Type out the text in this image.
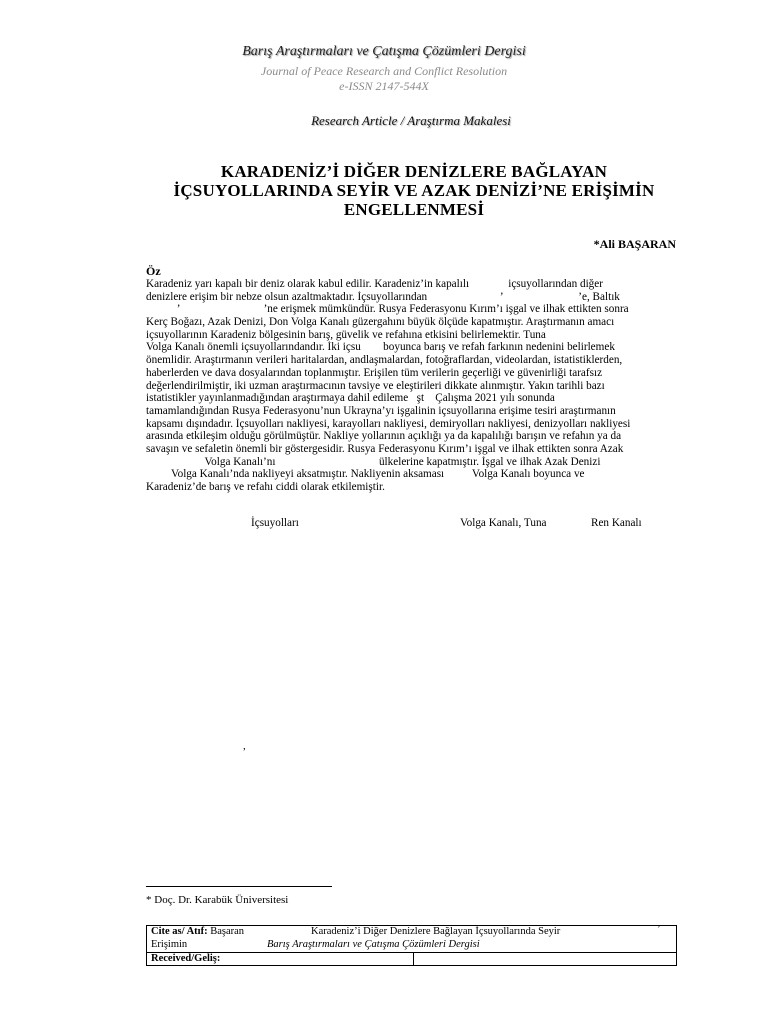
Barış Araştırmaları ve Çatışma Çözümleri Dergisi
Journal of Peace Research and Conflict Resolution
e-ISSN 2147-544X
Research Article / Araştırma Makalesi
KARADENİZ’İ DİĞER DENİZLERE BAĞLAYAN
İÇSUYOLLARINDA SEYİR VE AZAK DENİZİ’NE ERİŞİMİN
ENGELLENMESİ
*Ali BAŞARAN
Öz
Karadeniz yarı kapalı bir deniz olarak kabul edilir. Karadeniz’in kapalılı              içsuyollarından diğer
denizlere erişim bir nebze olsun azaltmaktadır. İçsuyollarından                          ’                           ’e, Baltık
’                              ’ne erişmek mümkündür. Rusya Federasyonu Kırım’ı işgal ve ilhak ettikten sonra
Kerç Boğazı, Azak Denizi, Don Volga Kanalı güzergahını büyük ölçüde kapatmıştır. Araştırmanın amacı
içsuyollarının Karadeniz bölgesinin barış, güvelik ve refahına etkisini belirlemektir. Tuna
Volga Kanalı önemli içsuyollarındandır. İki içsu        boyunca barış ve refah farkının nedenini belirlemek
önemlidir. Araştırmanın verileri haritalardan, andlaşmalardan, fotoğraflardan, videolardan, istatistiklerden,
haberlerden ve dava dosyalarından toplanmıştır. Erişilen tüm verilerin geçerliği ve güvenirliği tarafsız
değerlendirilmiştir, iki uzman araştırmacının tavsiye ve eleştirileri dikkate alınmıştır. Yakın tarihli bazı
istatistikler yayınlanmadığından araştırmaya dahil edileme   şt    Çalışma 2021 yılı sonunda
tamamlandığından Rusya Federasyonu’nun Ukrayna’yı işgalinin içsuyollarına erişime tesiri araştırmanın
kapsamı dışındadır. İçsuyolları nakliyesi, karayolları nakliyesi, demiryolları nakliyesi, denizyolları nakliyesi
arasında etkileşim olduğu görülmüştür. Nakliye yollarının açıklığı ya da kapalılığı barışın ve refahın ya da
savaşın ve sefaletin önemli bir göstergesidir. Rusya Federasyonu Kırım’ı işgal ve ilhak ettikten sonra Azak
Volga Kanalı’nı                                     ülkelerine kapatmıştır. İşgal ve ilhak Azak Denizi
Volga Kanalı’nda nakliyeyi aksatmıştır. Nakliyenin aksaması          Volga Kanalı boyunca ve
Karadeniz’de barış ve refahı ciddi olarak etkilemiştir.
İçsuyolları	Volga Kanalı, Tuna	Ren Kanalı
,
* Doç. Dr. Karabük Üniversitesi
Cite as/ Atıf: Başaran	Karadeniz’i Diğer Denizlere Bağlayan İçsuyollarında Seyir	’
Erişimin	Barış Araştırmaları ve Çatışma Çözümleri Dergisi

Received/Geliş:	
